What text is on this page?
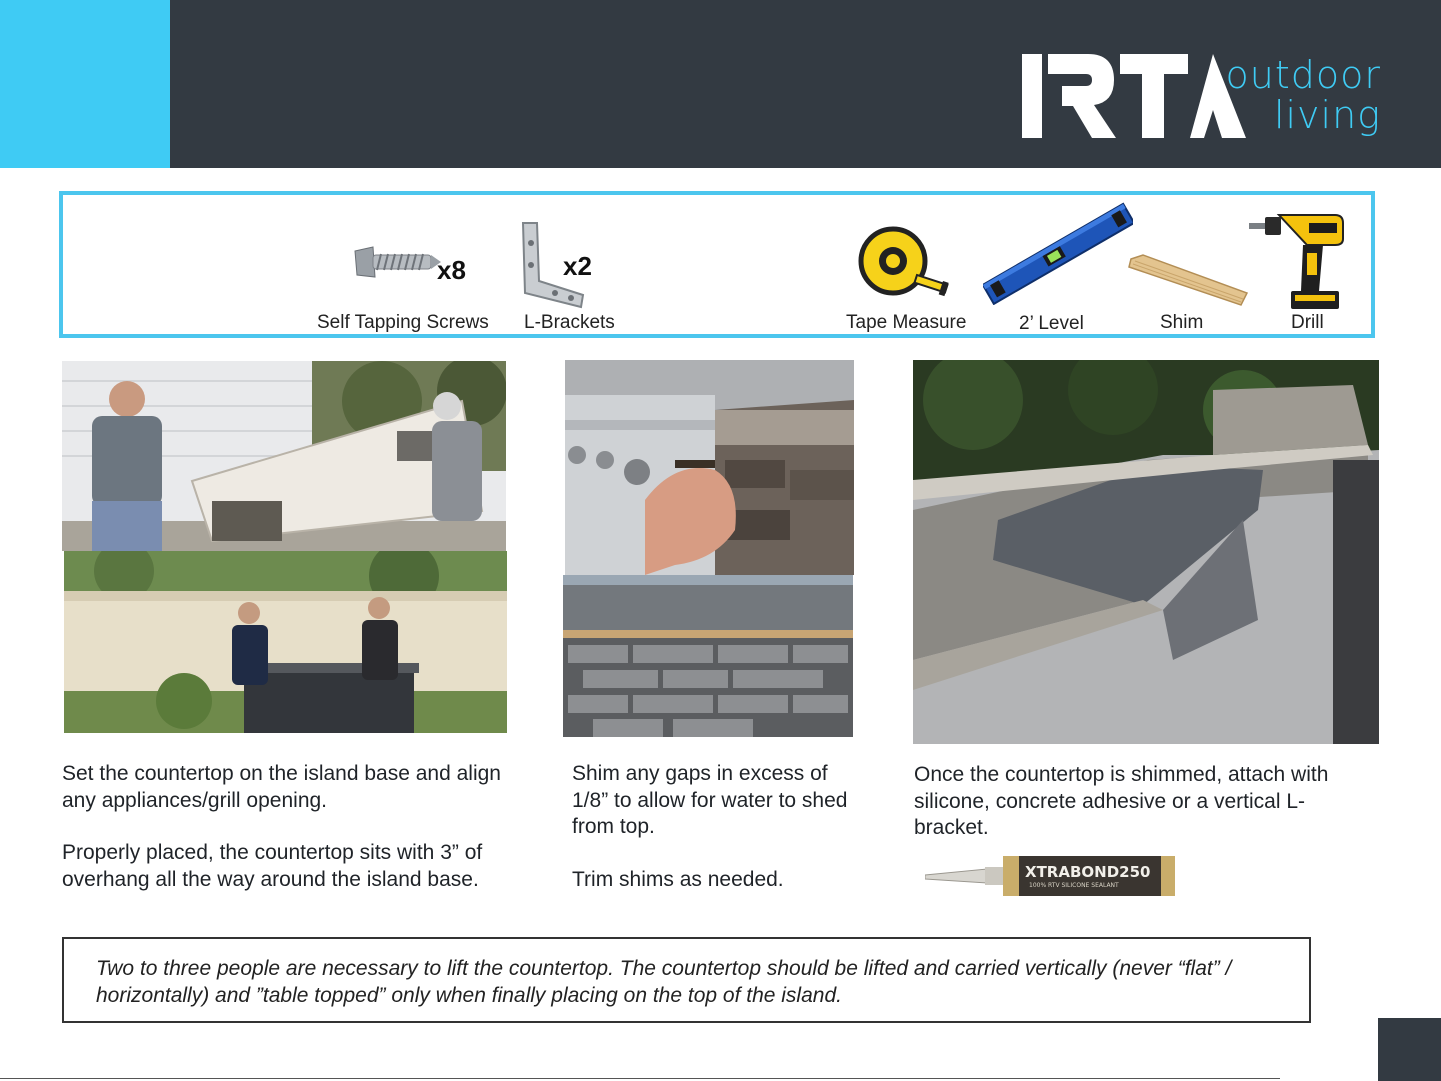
outdoor
living
x8
Self Tapping Screws
x2
L-Brackets	Tape Measure	2’ Level	Shim	Drill

Set the countertop on the island base and align any appliances/grill opening.

Properly placed, the countertop sits with 3” of overhang all the way around the island base.

Shim any gaps in excess of 1/8” to allow for water to shed from top.

Trim shims as needed.

Once the countertop is shimmed, attach with silicone, concrete adhesive or a vertical L-bracket.

XTRABOND250
100% RTV SILICONE SEALANT
Two to three people are necessary to lift the countertop. The countertop should be lifted and carried vertically (never “flat” / horizontally) and ”table topped” only when finally placing on the top of the island.
